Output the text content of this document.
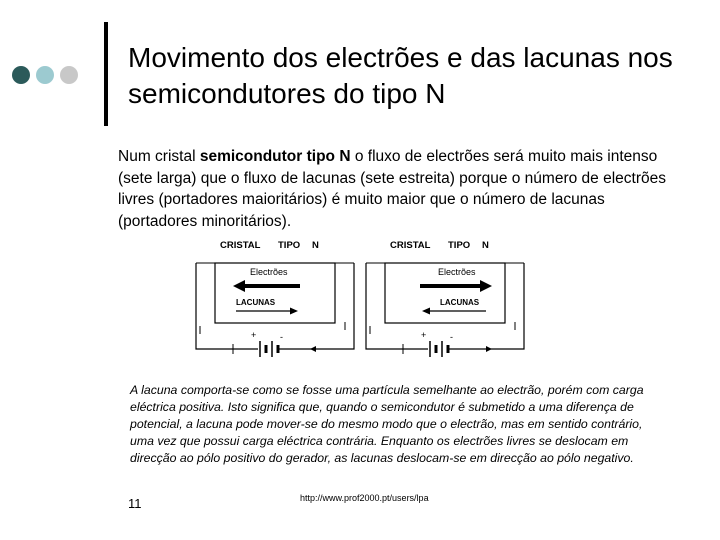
Movimento dos electrões e das lacunas nos semicondutores do tipo N
Num cristal semicondutor tipo N o fluxo de electrões será muito mais intenso (sete larga) que o fluxo de lacunas (sete estreita) porque o número de electrões livres (portadores maioritários) é muito maior que o número de lacunas (portadores minoritários).
CRISTAL TIPO N
Electrões
LACUNAS
+	-
CRISTAL TIPO N
Electrões
LACUNAS
+	-
A lacuna comporta-se como se fosse uma partícula semelhante ao electrão, porém com carga eléctrica positiva. Isto significa que, quando o semicondutor é submetido a uma diferença de potencial, a lacuna pode mover-se do mesmo modo que o electrão, mas em sentido contrário, uma vez que possui carga eléctrica contrária. Enquanto os electrões livres se deslocam em direcção ao pólo positivo do gerador, as lacunas deslocam-se em direcção ao pólo negativo.
11	http://www.prof2000.pt/users/lpa
